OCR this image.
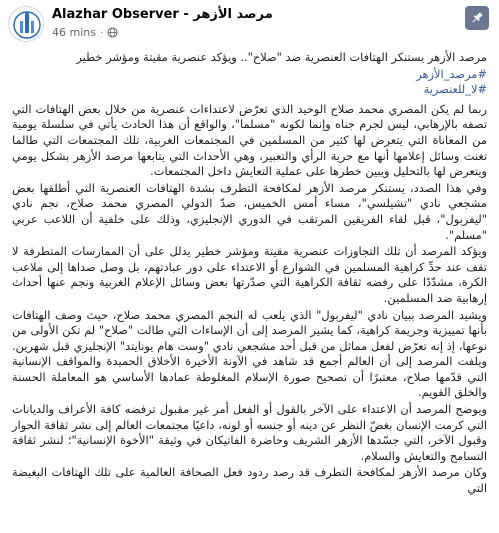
Alazhar Observer - مرصد الأزهر
46 mins ·

مرصد الأزهر يستنكر الهتافات العنصرية ضد "صلاح".. ويؤكد عنصرية مقيتة ومؤشر خطير

#مرصد_الأزهر
#لا_للعنصرية

ربما لم يكن المصري محمد صلاح الوحيد الذي تعرّض لاعتداءات عنصرية من خلال بعض الهتافات التي تصفه بالإرهابي، ليس لجرم جناه وإنما لكونه "مسلما"، والواقع أن هذا الحادث يأتي في سلسلة يومية من المعاناة التي يتعرض لها كثير من المسلمين في المجتمعات الغربية، تلك المجتمعات التي طالما تغنت وسائل إعلامها أنها مع حرية الرأي والتعبير، وهي الأحداث التي يتابعها مرصد الأزهر بشكل يومي ويتعرض لها بالتحليل ويبين خطرها على عملية التعايش داخل المجتمعات.

وفي هذا الصدد، يستنكر مرصد الأزهر لمكافحة التطرف بشدة الهتافات العنصرية التي أطلقها بعض مشجعي نادي "تشيلسي"، مساء أمس الخميس، ضدّ الدولي المصري محمد صلاح، نجم نادي "ليفربول"، قبل لقاء الفريقين المرتقب في الدوري الإنجليزي، وذلك على خلفية أن اللاعب عربي "مسلم".

ويؤكد المرصد أن تلك التجاوزات عنصرية مقيتة ومؤشر خطير يدلل على أن الممارسات المتطرفة لا تقف عند حدِّ كراهية المسلمين في الشوارع أو الاعتداء على دور عبادتهم، بل وصل صداها إلى ملاعب الكرة، مشدّدًا على رفضه ثقافة الكراهية التي صدّرتها بعض وسائل الإعلام الغربية ونجم عنها أحداث إرهابية ضد المسلمين.

ويشيد المرصد ببيان نادي "ليفربول" الذي يلعب له النجم المصري محمد صلاح، حيث وصف الهتافات بأنها تمييزية وجريمة كراهية، كما يشير المرصد إلى أن الإساءات التي طالت "صلاح" لم تكن الأولى من نوعها، إذ إنه تعرّض لفعل مماثل من قبل أحد مشجعي نادي "وست هام يونايتد" الإنجليزي قبل شهرين. ويلفت المرصد إلى أن العالم أجمع قد شاهد في الآونة الأخيرة الأخلاق الحميدة والمواقف الإنسانية التي قدّمها صلاح، معتبرًا أن تصحيح صورة الإسلام المغلوطة عمادها الأساسي هو المعاملة الحسنة والخلق القويم.

ويوضح المرصد أن الاعتداء على الآخر بالقول أو الفعل أمر غير مقبول ترفضه كافة الأعراف والديانات التي كرمت الإنسان بغضّ النظر عن دينه أو جنسه أو لونه، داعيًا مجتمعات العالم إلى نشر ثقافة الحوار وقبول الآخر، التي جسّدها الأزهر الشريف وحاضرة الفاتيكان في وثيقة "الأخوة الإنسانية"؛ لنشر ثقافة التسامح والتعايش والسلام.

وكان مرصد الأزهر لمكافحة التطرف قد رصد ردود فعل الصحافة العالمية على تلك الهتافات البغيضة التي
